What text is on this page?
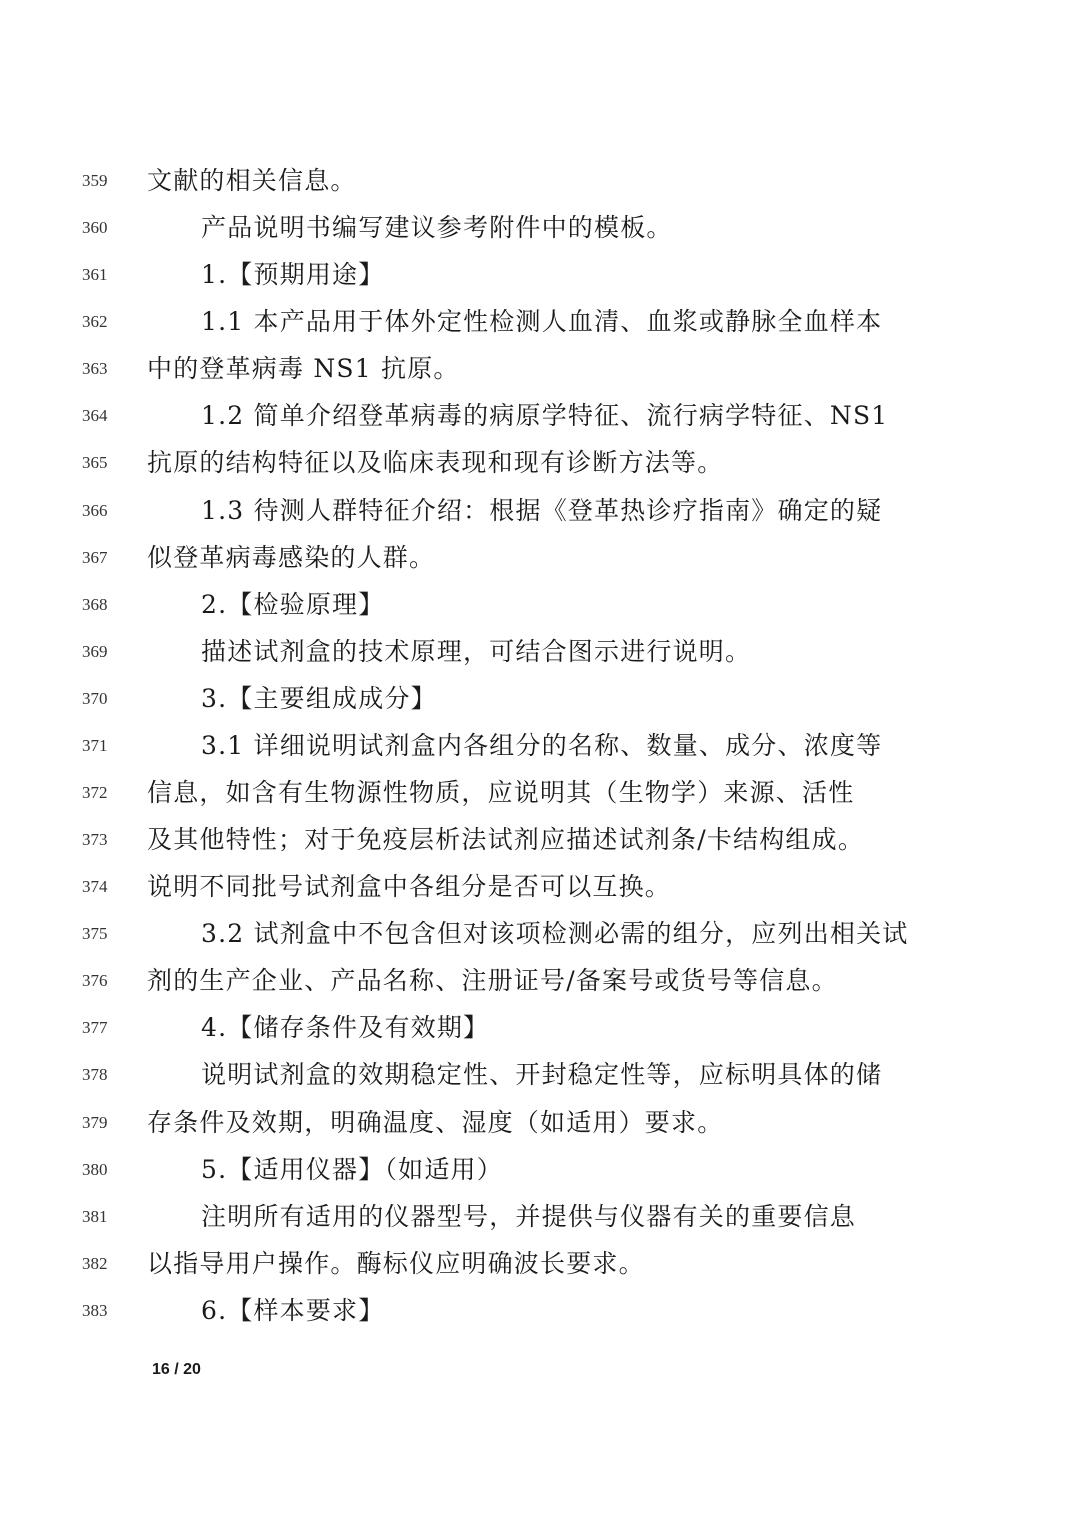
359	文献的相关信息。
360	产品说明书编写建议参考附件中的模板。
361	1.【预期用途】
362	1.1 本产品用于体外定性检测人血清、血浆或静脉全血样本
363	中的登革病毒 NS1 抗原。
364	1.2 简单介绍登革病毒的病原学特征、流行病学特征、NS1
365	抗原的结构特征以及临床表现和现有诊断方法等。
366	1.3 待测人群特征介绍：根据《登革热诊疗指南》确定的疑
367	似登革病毒感染的人群。
368	2.【检验原理】
369	描述试剂盒的技术原理，可结合图示进行说明。
370	3.【主要组成成分】
371	3.1 详细说明试剂盒内各组分的名称、数量、成分、浓度等
372	信息，如含有生物源性物质，应说明其（生物学）来源、活性
373	及其他特性；对于免疫层析法试剂应描述试剂条/卡结构组成。
374	说明不同批号试剂盒中各组分是否可以互换。
375	3.2 试剂盒中不包含但对该项检测必需的组分，应列出相关试
376	剂的生产企业、产品名称、注册证号/备案号或货号等信息。
377	4.【储存条件及有效期】
378	说明试剂盒的效期稳定性、开封稳定性等，应标明具体的储
379	存条件及效期，明确温度、湿度（如适用）要求。
380	5.【适用仪器】（如适用）
381	注明所有适用的仪器型号，并提供与仪器有关的重要信息
382	以指导用户操作。酶标仪应明确波长要求。
383	6.【样本要求】
16 / 20
